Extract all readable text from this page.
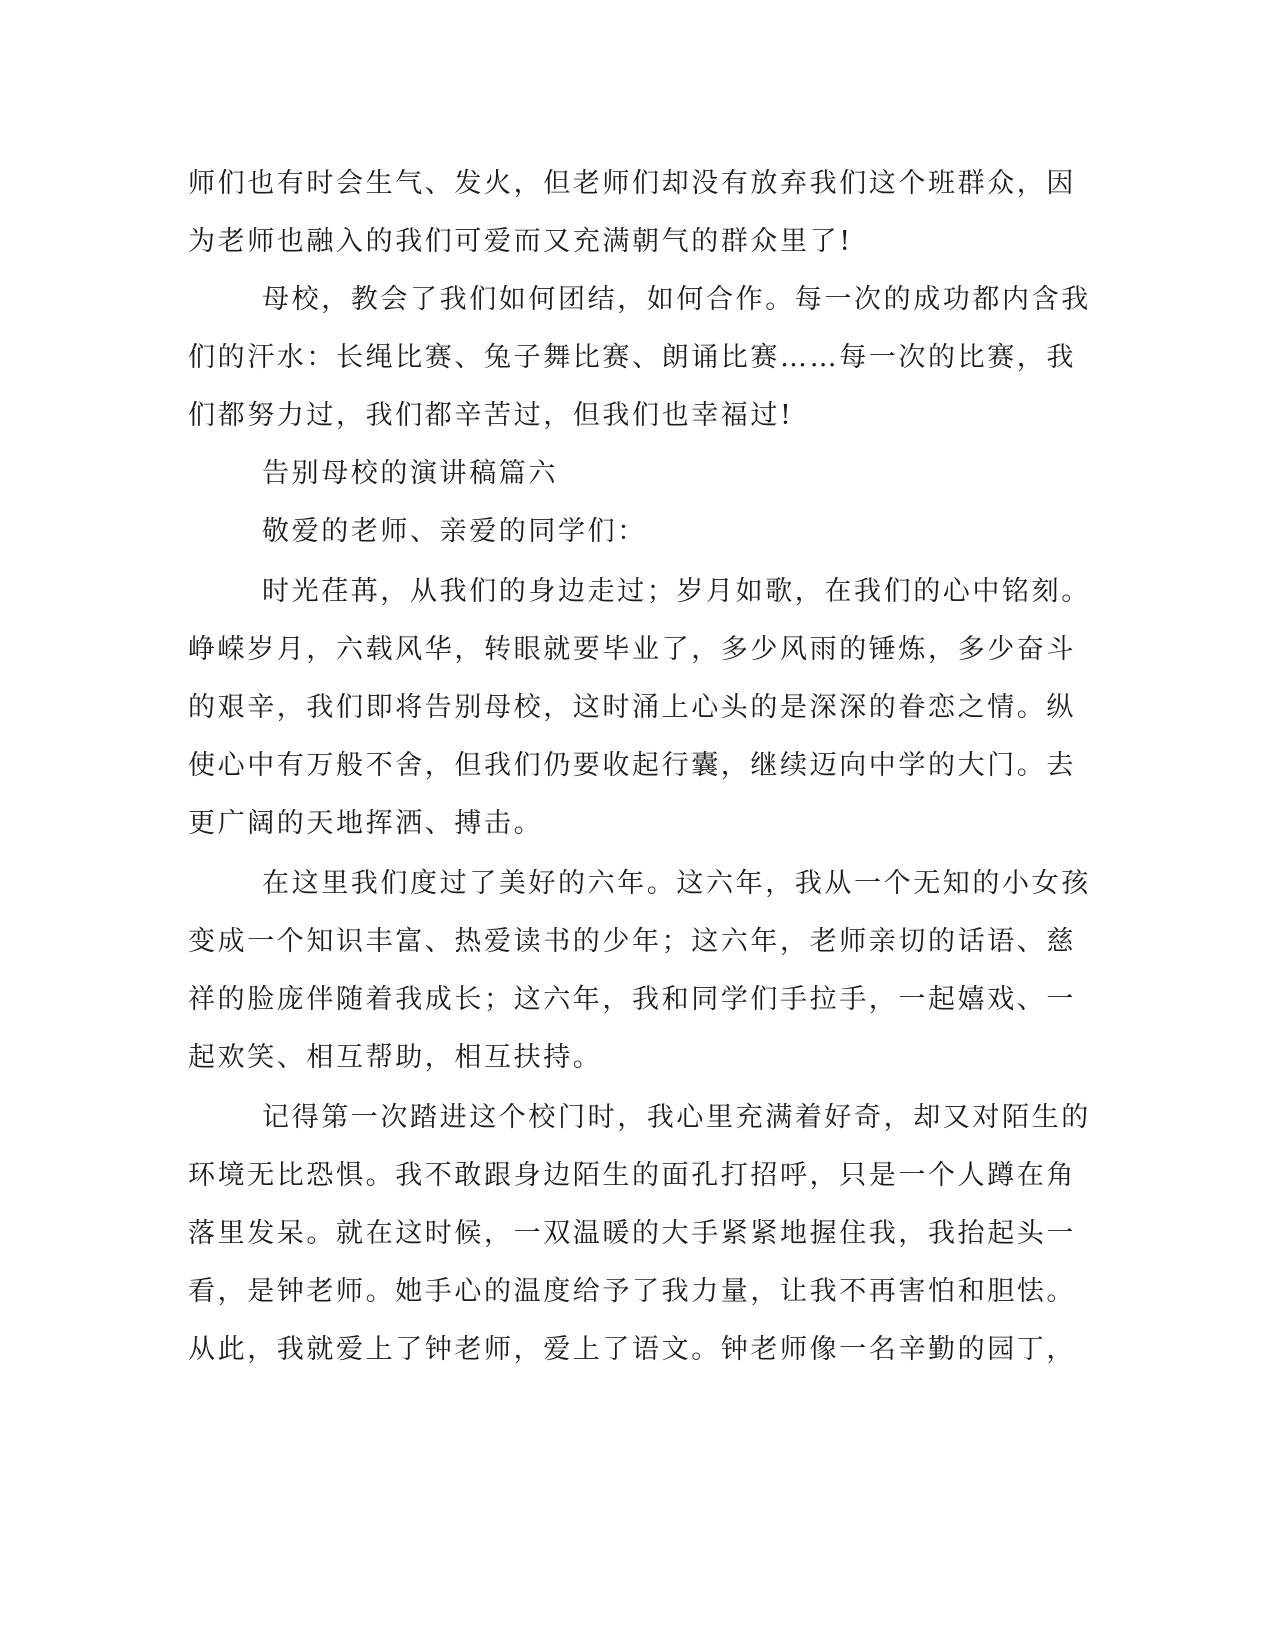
师们也有时会生气、发火，但老师们却没有放弃我们这个班群众，因

为老师也融入的我们可爱而又充满朝气的群众里了!

母校，教会了我们如何团结，如何合作。每一次的成功都内含我

们的汗水：长绳比赛、兔子舞比赛、朗诵比赛……每一次的比赛，我

们都努力过，我们都辛苦过，但我们也幸福过!

告别母校的演讲稿篇六

敬爱的老师、亲爱的同学们：

时光荏苒，从我们的身边走过；岁月如歌，在我们的心中铭刻。

峥嵘岁月，六载风华，转眼就要毕业了，多少风雨的锤炼，多少奋斗

的艰辛，我们即将告别母校，这时涌上心头的是深深的眷恋之情。纵

使心中有万般不舍，但我们仍要收起行囊，继续迈向中学的大门。去

更广阔的天地挥洒、搏击。

在这里我们度过了美好的六年。这六年，我从一个无知的小女孩

变成一个知识丰富、热爱读书的少年；这六年，老师亲切的话语、慈

祥的脸庞伴随着我成长；这六年，我和同学们手拉手，一起嬉戏、一

起欢笑、相互帮助，相互扶持。

记得第一次踏进这个校门时，我心里充满着好奇，却又对陌生的

环境无比恐惧。我不敢跟身边陌生的面孔打招呼，只是一个人蹲在角

落里发呆。就在这时候，一双温暖的大手紧紧地握住我，我抬起头一

看，是钟老师。她手心的温度给予了我力量，让我不再害怕和胆怯。

从此，我就爱上了钟老师，爱上了语文。钟老师像一名辛勤的园丁，
